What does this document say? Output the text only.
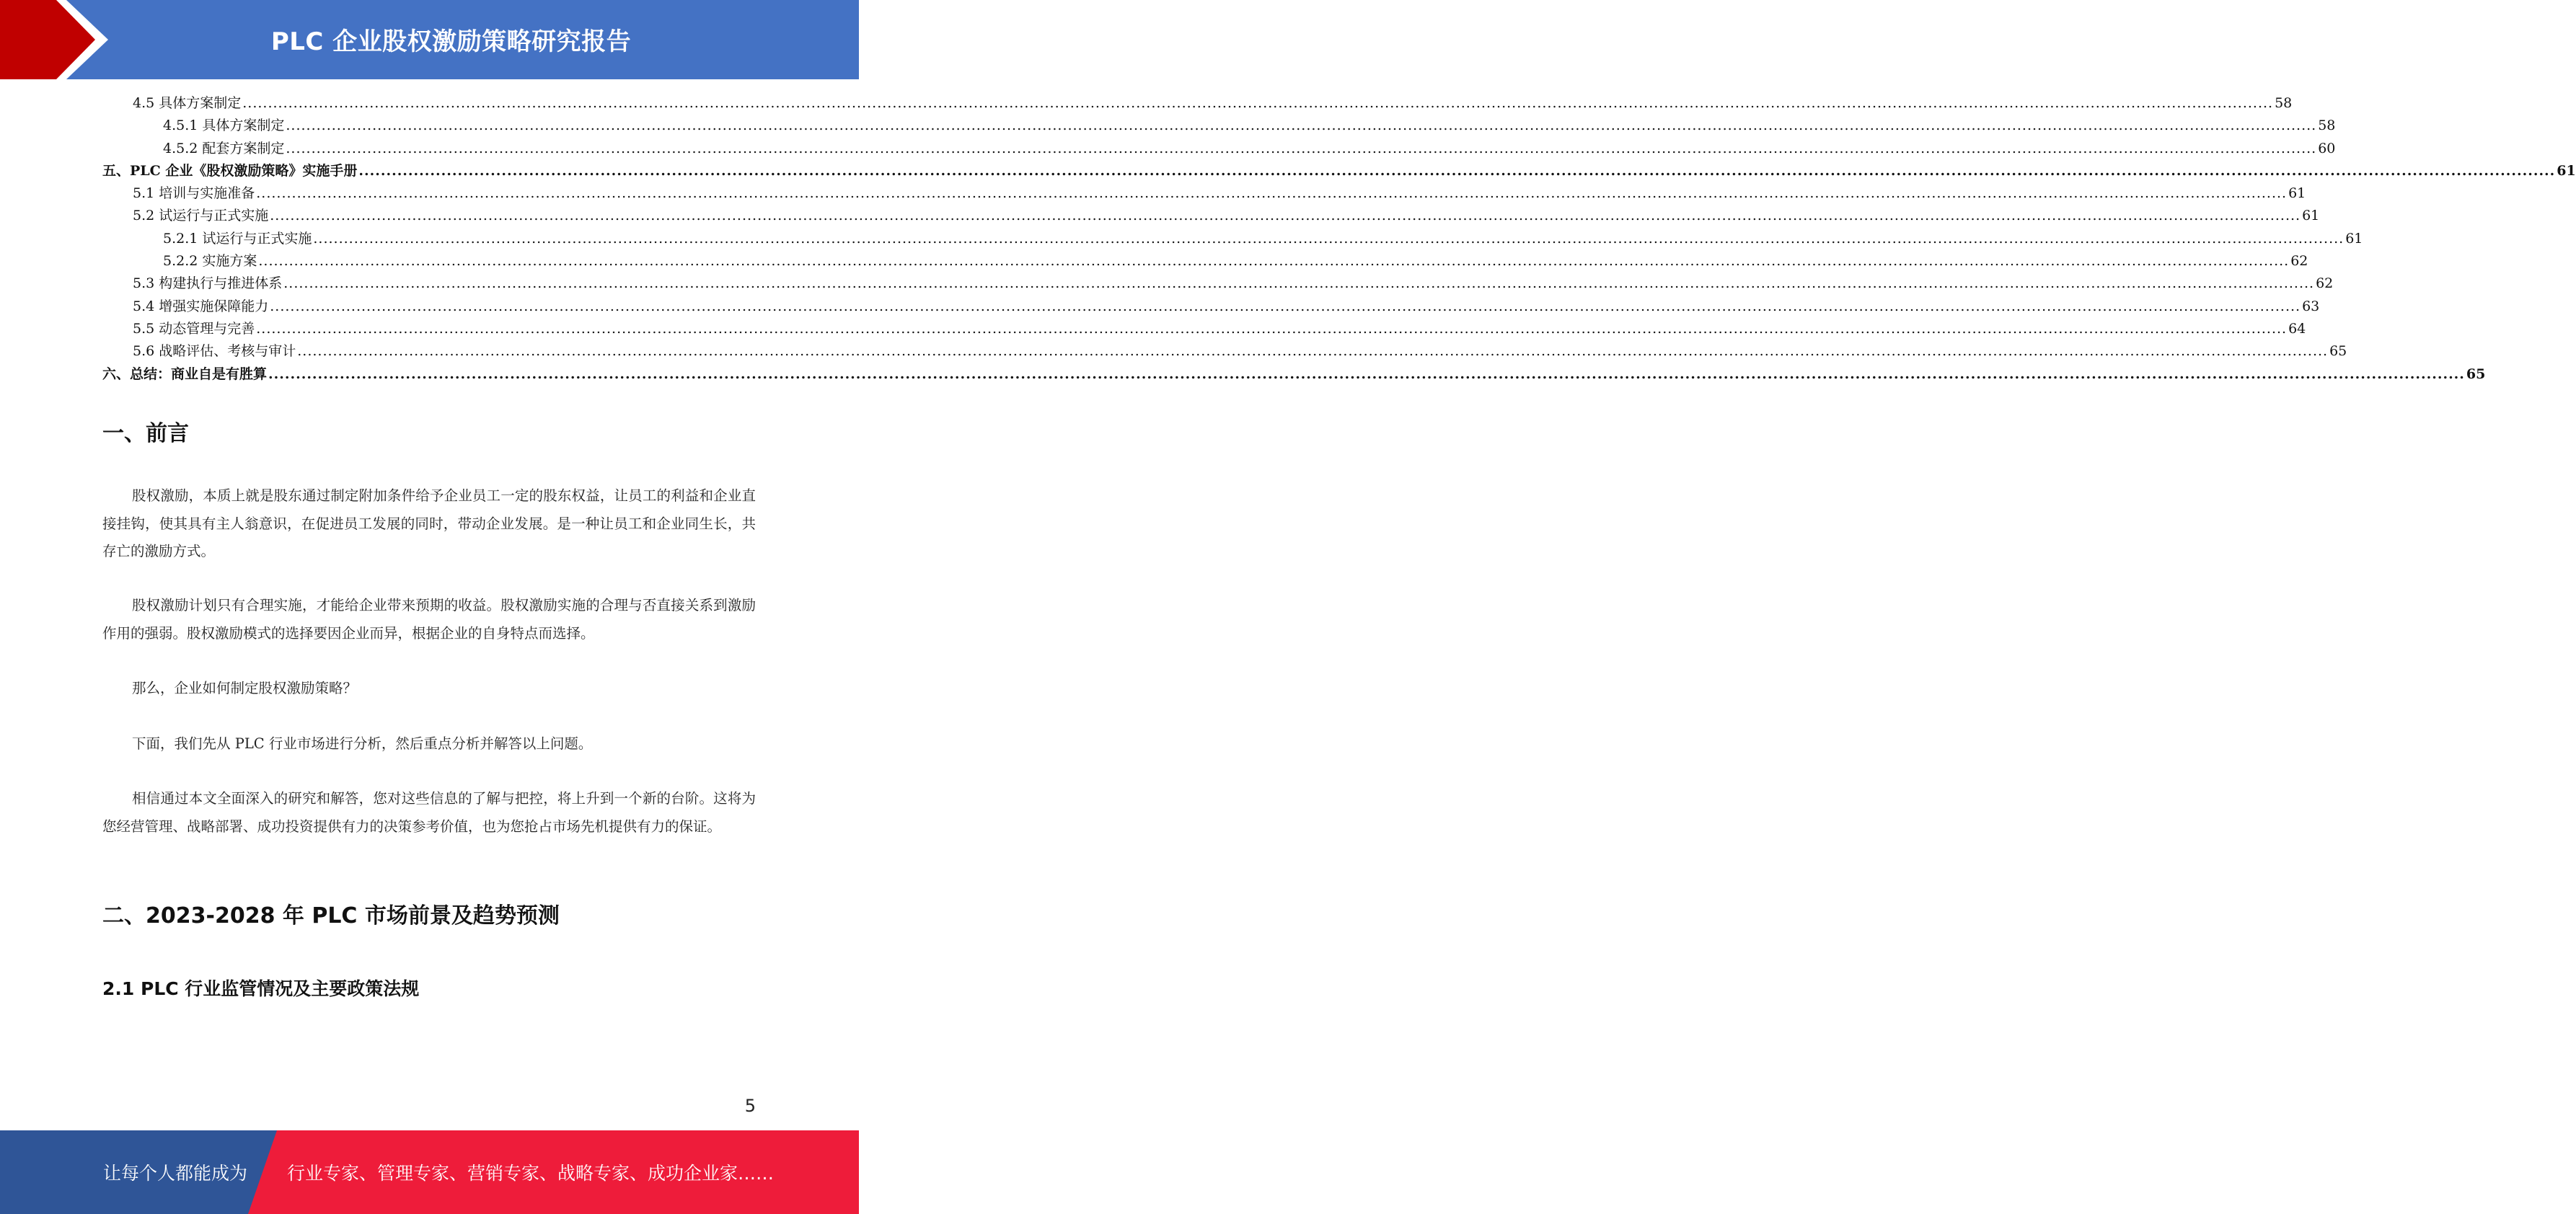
PLC 企业股权激励策略研究报告
4.5 具体方案制定 ................................................................................................................................................................................................................................................................................................................................................................................................................ 58
4.5.1 具体方案制定 ................................................................................................................................................................................................................................................................................................................................................................................................................ 58
4.5.2 配套方案制定 ................................................................................................................................................................................................................................................................................................................................................................................................................ 60
五、PLC 企业《股权激励策略》实施手册 ................................................................................................................................................................................................................................................................................................................................................................................................................ 61
5.1 培训与实施准备 ................................................................................................................................................................................................................................................................................................................................................................................................................ 61
5.2 试运行与正式实施 ................................................................................................................................................................................................................................................................................................................................................................................................................ 61
5.2.1 试运行与正式实施 ................................................................................................................................................................................................................................................................................................................................................................................................................ 61
5.2.2 实施方案 ................................................................................................................................................................................................................................................................................................................................................................................................................ 62
5.3 构建执行与推进体系 ................................................................................................................................................................................................................................................................................................................................................................................................................ 62
5.4 增强实施保障能力 ................................................................................................................................................................................................................................................................................................................................................................................................................ 63
5.5 动态管理与完善 ................................................................................................................................................................................................................................................................................................................................................................................................................ 64
5.6 战略评估、考核与审计 ................................................................................................................................................................................................................................................................................................................................................................................................................ 65
六、总结：商业自是有胜算 ................................................................................................................................................................................................................................................................................................................................................................................................................ 65
一、前言
股权激励，本质上就是股东通过制定附加条件给予企业员工一定的股东权益，让员工的利益和企业直接挂钩，使其具有主人翁意识，在促进员工发展的同时，带动企业发展。是一种让员工和企业同生长，共存亡的激励方式。
股权激励计划只有合理实施，才能给企业带来预期的收益。股权激励实施的合理与否直接关系到激励作用的强弱。股权激励模式的选择要因企业而异，根据企业的自身特点而选择。
那么，企业如何制定股权激励策略？
下面，我们先从 PLC 行业市场进行分析，然后重点分析并解答以上问题。
相信通过本文全面深入的研究和解答，您对这些信息的了解与把控，将上升到一个新的台阶。这将为您经营管理、战略部署、成功投资提供有力的决策参考价值，也为您抢占市场先机提供有力的保证。
二、2023-2028 年 PLC 市场前景及趋势预测
2.1 PLC 行业监管情况及主要政策法规
5
让每个人都能成为 行业专家、管理专家、营销专家、战略专家、成功企业家……
